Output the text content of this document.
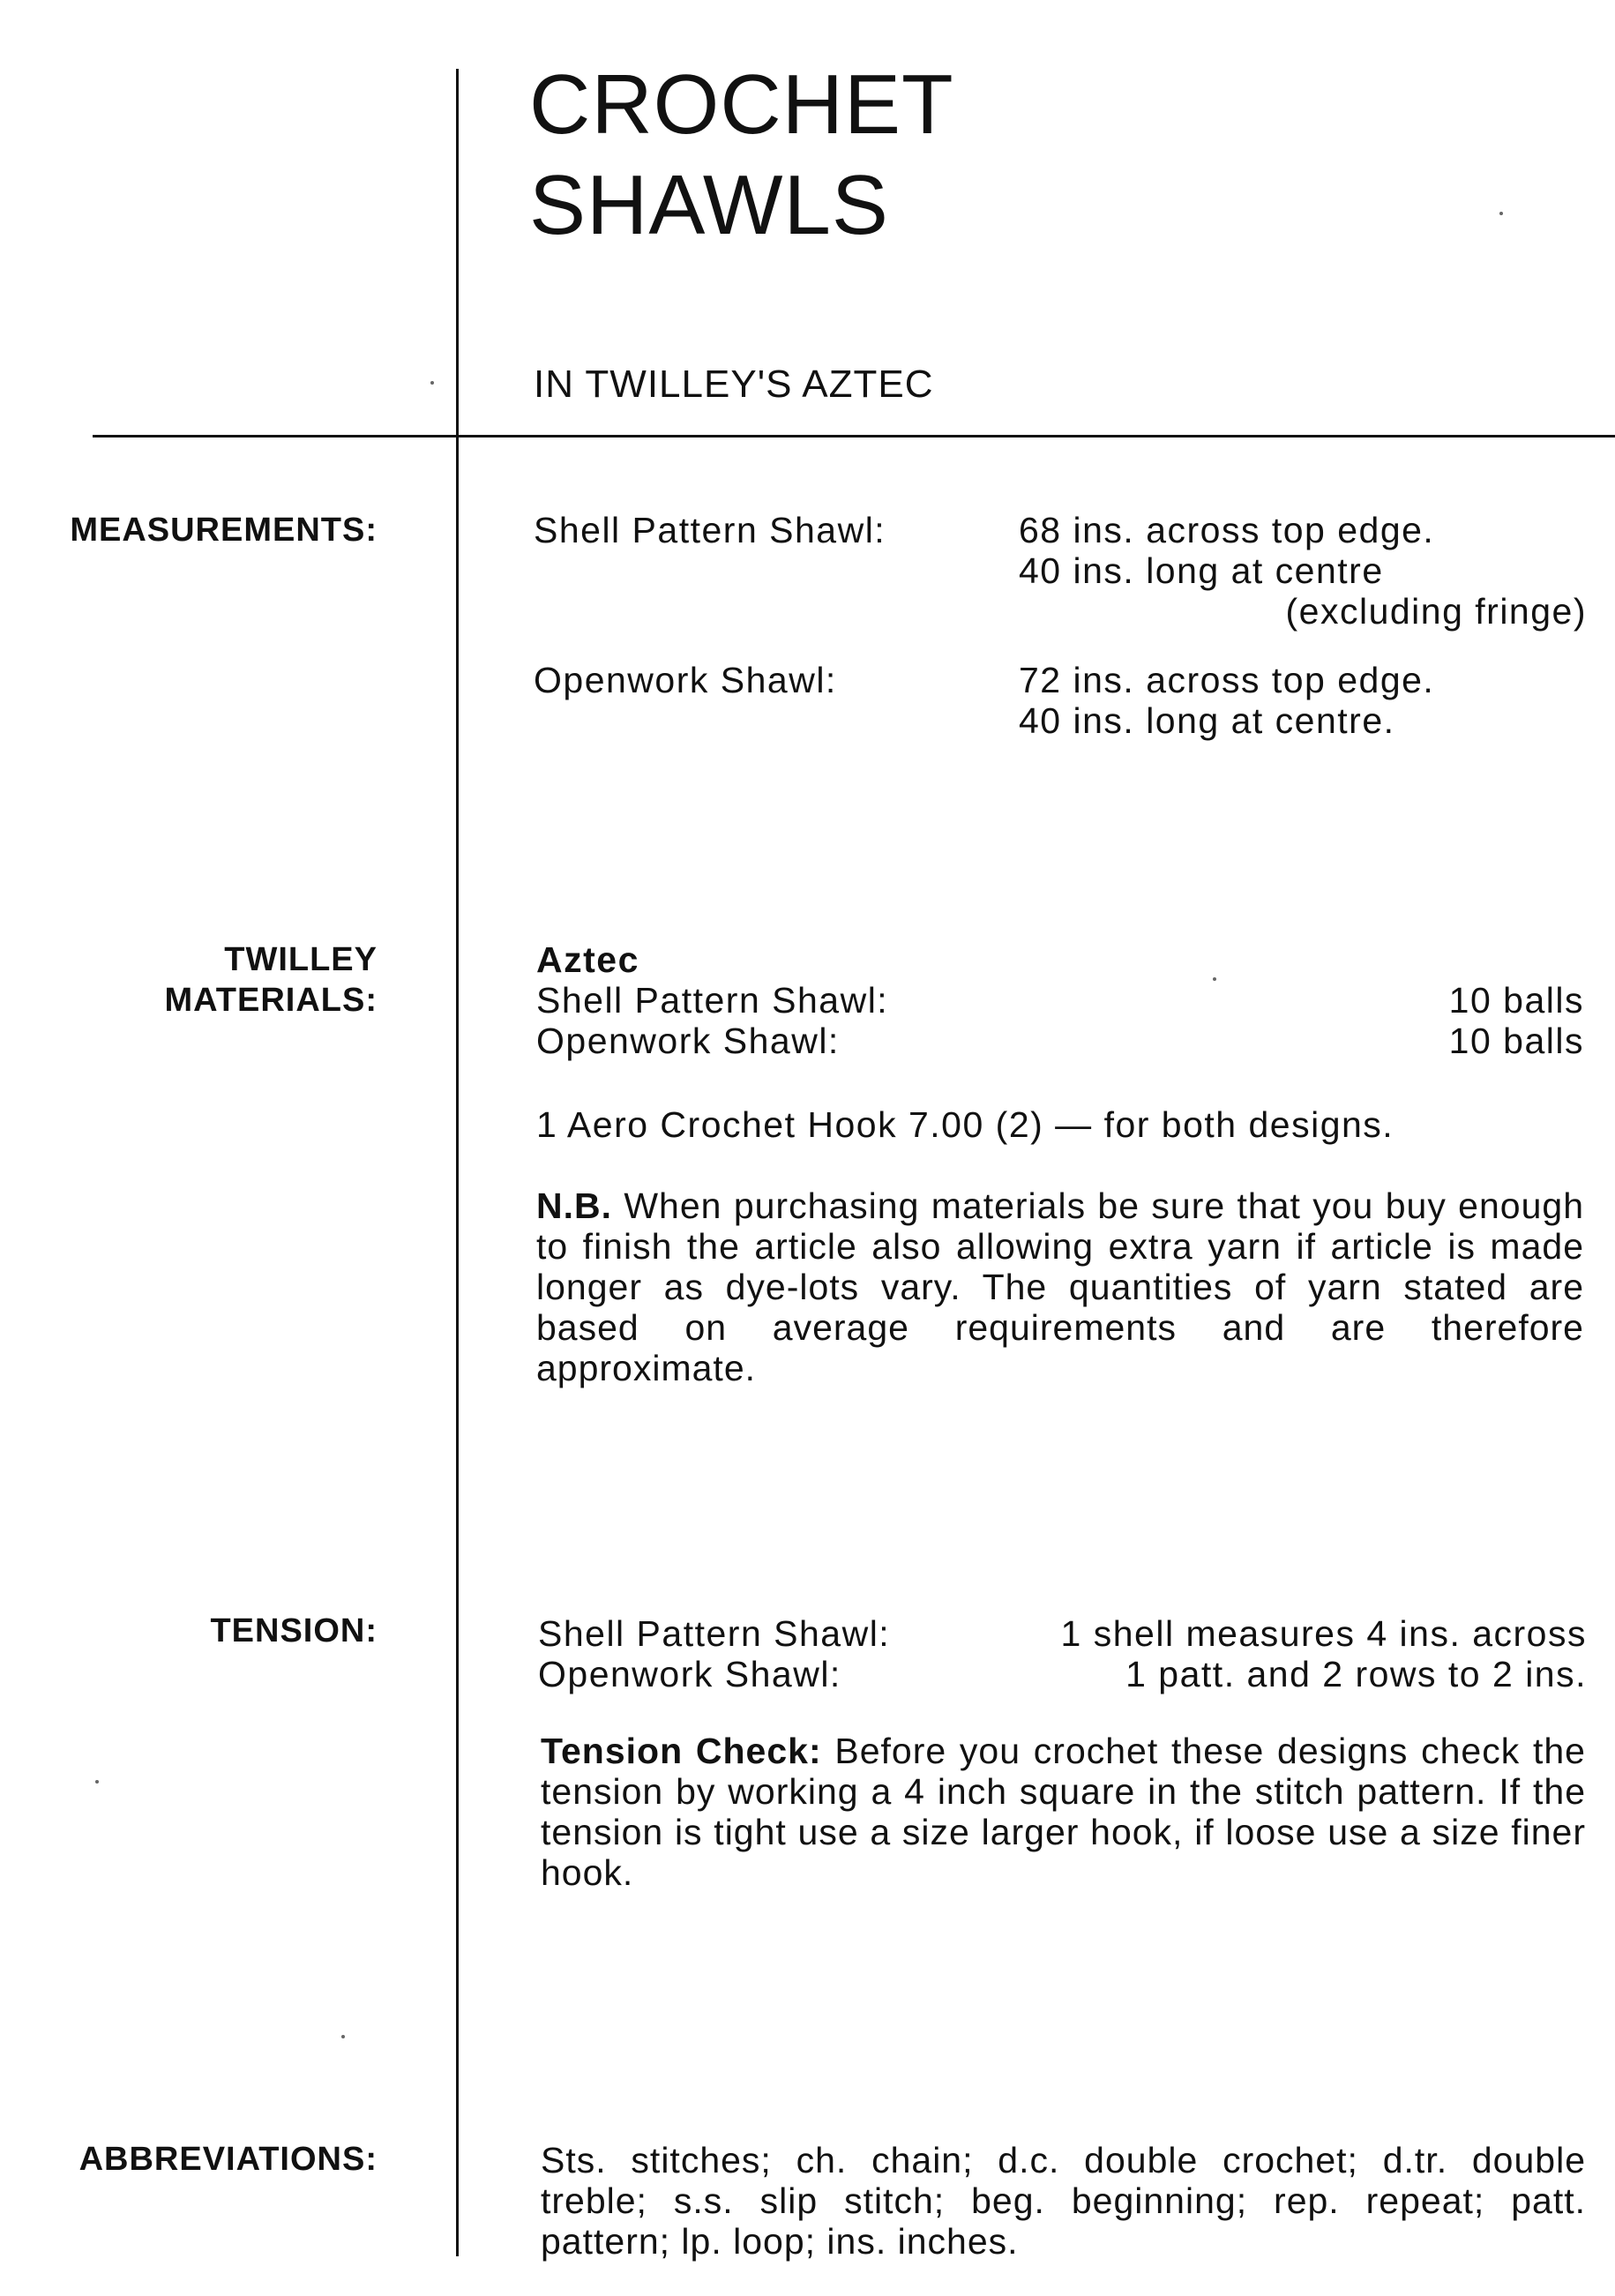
CROCHET
SHAWLS
IN TWILLEY'S AZTEC
MEASUREMENTS:	Shell Pattern Shawl:	68 ins. across top edge.
40 ins. long at centre
(excluding fringe)
Openwork Shawl:	72 ins. across top edge.
40 ins. long at centre.
TWILLEY
MATERIALS:
Aztec
Shell Pattern Shawl:	10 balls
Openwork Shawl:	10 balls
1 Aero Crochet Hook 7.00 (2) — for both designs.
N.B. When purchasing materials be sure that you buy enough to finish the article also allowing extra yarn if article is made longer as dye-lots vary. The quantities of yarn stated are based on average requirements and are therefore approximate.
TENSION:	Shell Pattern Shawl:	1 shell measures 4 ins. across
Openwork Shawl:	1 patt. and 2 rows to 2 ins.
Tension Check: Before you crochet these designs check the tension by working a 4 inch square in the stitch pattern. If the tension is tight use a size larger hook, if loose use a size finer hook.
ABBREVIATIONS:	Sts. stitches; ch. chain; d.c. double crochet; d.tr. double treble; s.s. slip stitch; beg. beginning; rep. repeat; patt. pattern; lp. loop; ins. inches.
